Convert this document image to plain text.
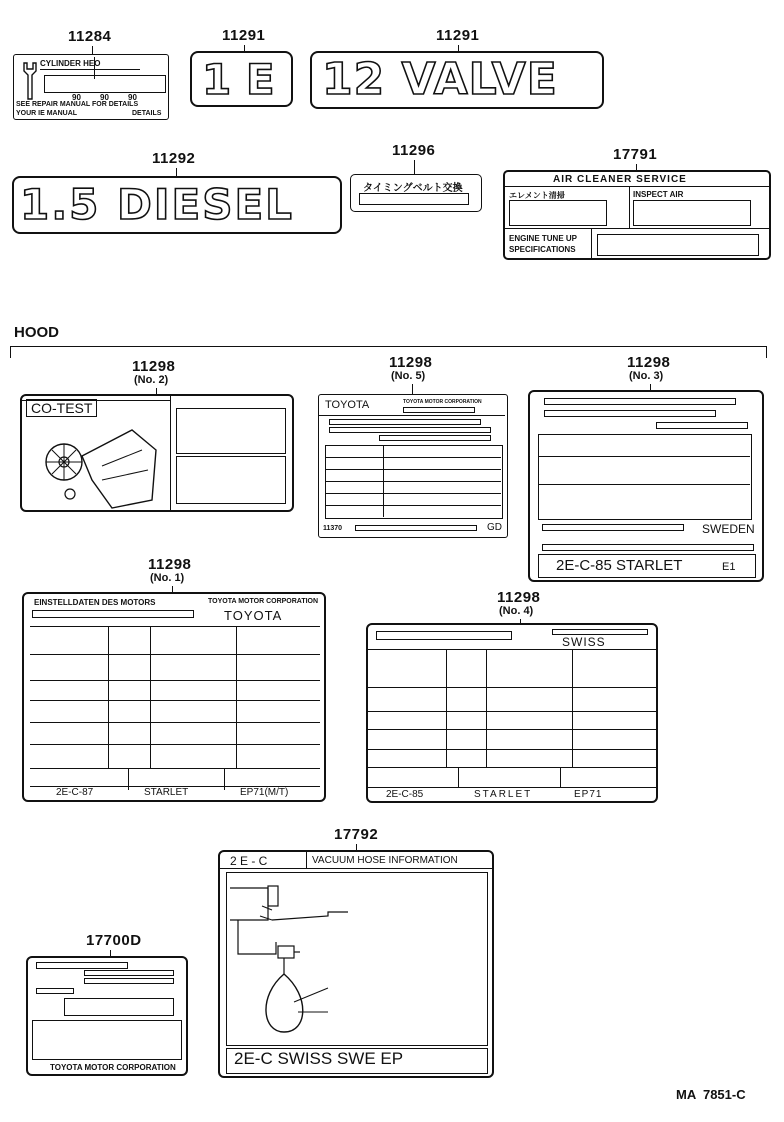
HOOD
11284
CYLINDER HEO
90 90 90
SEE REPAIR MANUAL FOR DETAILS
YOUR IE MANUAL	DETAILS
11291
1 E
11291
12 VALVE
11292
1.5 DIESEL
11296
タイミングベルト交換
17791
AIR CLEANER SERVICE
エレメント清掃	INSPECT AIR
ENGINE TUNE UP
SPECIFICATIONS
11298
(No. 2)
CO-TEST
11298
(No. 5)
TOYOTA	TOYOTA MOTOR CORPORATION
11370	GD
11298
(No. 3)
SWEDEN
2E-C-85 STARLET	E1
11298
(No. 1)
EINSTELLDATEN DES MOTORS	TOYOTA MOTOR CORPORATION
TOYOTA
2E-C-87	STARLET	EP71(M/T)
11298
(No. 4)
SWISS
2E-C-85	STARLET	EP71
17792
2 E - C	VACUUM HOSE INFORMATION
2E-C SWISS SWE EP
17700D
TOYOTA MOTOR CORPORATION
MA  7851-C
